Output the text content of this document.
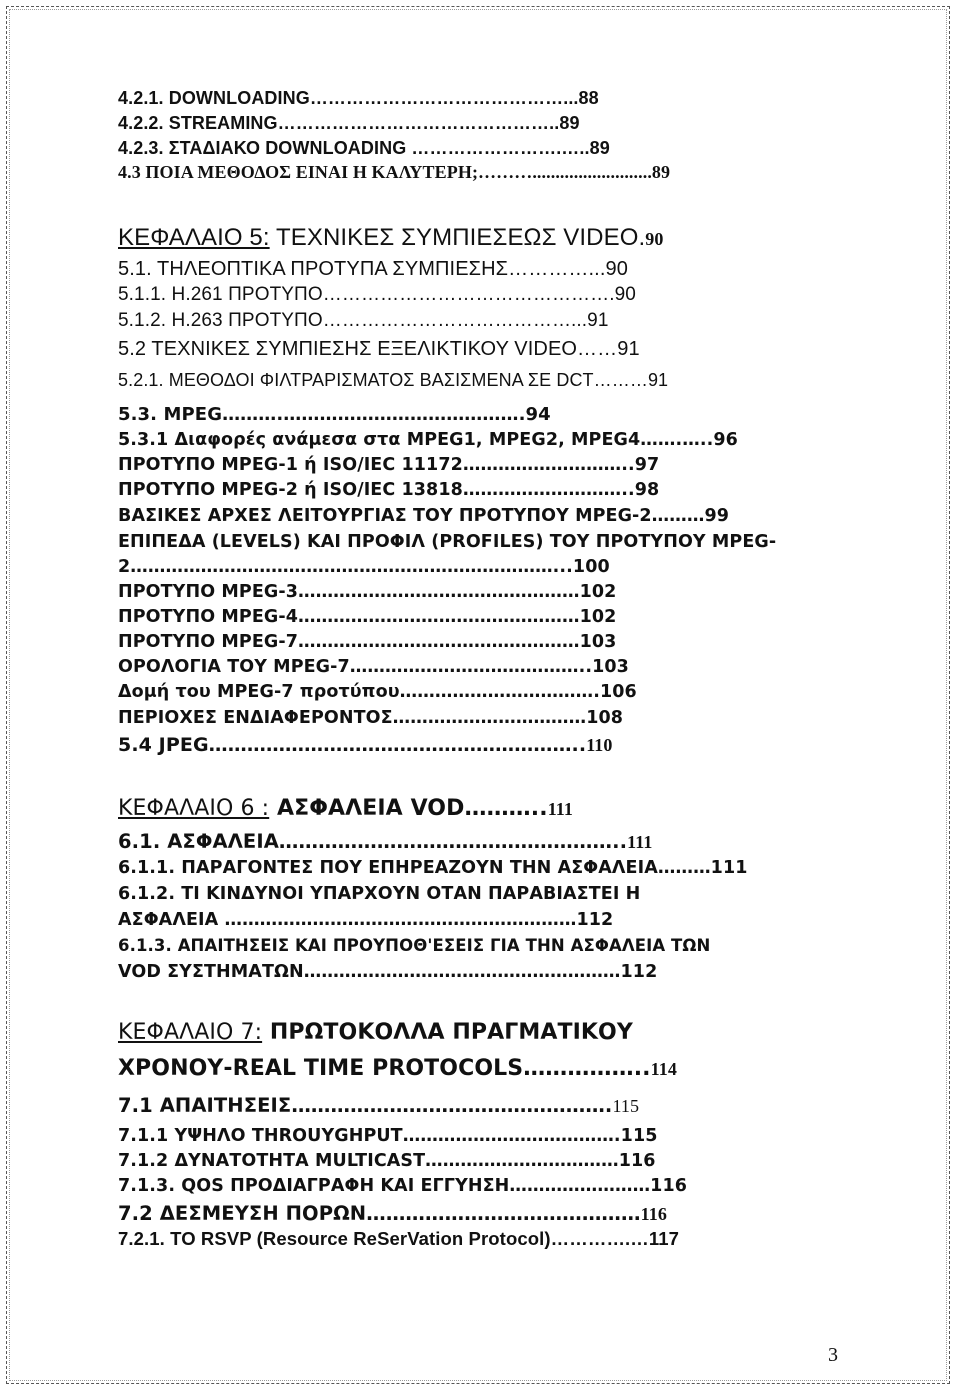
4.2.1. DOWNLOADING……………………………………...88
4.2.2. STREAMING………………………………………..89
4.2.3. ΣΤΑΔΙΑΚΟ DOWNLOADING …………………….…..89
4.3 ΠΟΙΑ ΜΕΘΟΔΟΣ ΕΙΝΑΙ Η ΚΑΛΥΤΕΡΗ;………..........................89
ΚΕΦΑΛΑΙΟ 5: ΤΕΧΝΙΚΕΣ ΣΥΜΠΙΕΣΕΩΣ VIDEO.90
5.1. ΤΗΛΕΟΠΤΙΚΑ ΠΡΟΤΥΠΑ ΣΥΜΠΙΕΣΗΣ…………...90
5.1.1. H.261 ΠΡΟΤΥΠΟ……………………………………….90
5.1.2. H.263 ΠΡΟΤΥΠΟ…………………………………...91
5.2 ΤΕΧΝΙΚΕΣ ΣΥΜΠΙΕΣΗΣ ΕΞΕΛΙΚΤΙΚΟΥ VIDEO……91
5.2.1. ΜΕΘΟΔΟΙ ΦΙΛΤΡΑΡΙΣΜΑΤΟΣ ΒΑΣΙΣΜΕΝΑ ΣΕ DCT………91
5.3. MPEG……….………………………………….94
5.3.1 Διαφορές ανάμεσα στα MPEG1, MPEG2, MPEG4…….…..96
ΠΡΟΤΥΠΟ MPEG-1 ή ISO/IEC 11172………………………..97
ΠΡΟΤΥΠΟ MPEG-2 ή ISO/IEC 13818………………………..98
ΒΑΣΙΚΕΣ ΑΡΧΕΣ ΛΕΙΤΟΥΡΓΙΑΣ ΤΟΥ ΠΡΟΤΥΠΟΥ MPEG-2………99
ΕΠΙΠΕΔΑ (LEVELS) ΚΑΙ ΠΡΟΦΙΛ (PROFILES) ΤΟΥ ΠΡΟΤΥΠΟΥ MPEG-
2………………………………………………………………...100
ΠΡΟΤΥΠΟ MPEG-3…………………………………………102
ΠΡΟΤΥΠΟ MPEG-4…………………………………………102
ΠΡΟΤΥΠΟ MPEG-7…………………………………………103
ΟΡΟΛΟΓΙΑ ΤΟΥ MPEG-7…………………………………..103
Δομή του MPEG-7 προτύπου…………………………….106
ΠΕΡΙΟΧΕΣ ΕΝΔΙΑΦΕΡΟΝΤΟΣ……………………………108
5.4 JPEG…………………………………………………..110
ΚΕΦΑΛΑΙΟ 6 : ΑΣΦΑΛΕΙΑ VOD………..111
6.1. ΑΣΦΑΛΕΙΑ……………………………………………..111
6.1.1. ΠΑΡΑΓΟΝΤΕΣ ΠΟΥ ΕΠΗΡΕΑΖΟΥΝ ΤΗΝ ΑΣΦΑΛΕΙΑ………111
6.1.2. ΤΙ ΚΙΝΔΥΝΟΙ ΥΠΑΡΧΟΥΝ ΟΤΑΝ ΠΑΡΑΒΙΑΣΤΕΙ Η
ΑΣΦΑΛΕΙΑ ……………………………………………………112
6.1.3. ΑΠΑΙΤΗΣΕΙΣ ΚΑΙ ΠΡΟΥΠΟΘ'ΕΣΕΙΣ ΓΙΑ ΤΗΝ ΑΣΦΑΛΕΙΑ ΤΩΝ
VOD ΣΥΣΤΗΜΑΤΩΝ………………………………………………112
ΚΕΦΑΛΑΙΟ 7: ΠΡΩΤΟΚΟΛΛΑ ΠΡΑΓΜΑΤΙΚΟΥ
ΧΡΟΝΟΥ-REAL TIME PROTOCOLS……………..114
7.1 ΑΠΑΙΤΗΣΕΙΣ………………………………………….115
7.1.1 ΥΨΗΛΟ THROUYGHPUT……………………………….115
7.1.2 ΔΥΝΑΤΟΤΗΤΑ MULTICAST……………………………116
7.1.3. QOS ΠΡΟΔΙΑΓΡΑΦΗ ΚΑΙ ΕΓΓΥΗΣΗ……………………116
7.2 ΔΕΣΜΕΥΣΗ ΠΟΡΩΝ……………………………………116
7.2.1. TO RSVP (Resource ReSerVation Protocol)………….…117
3
